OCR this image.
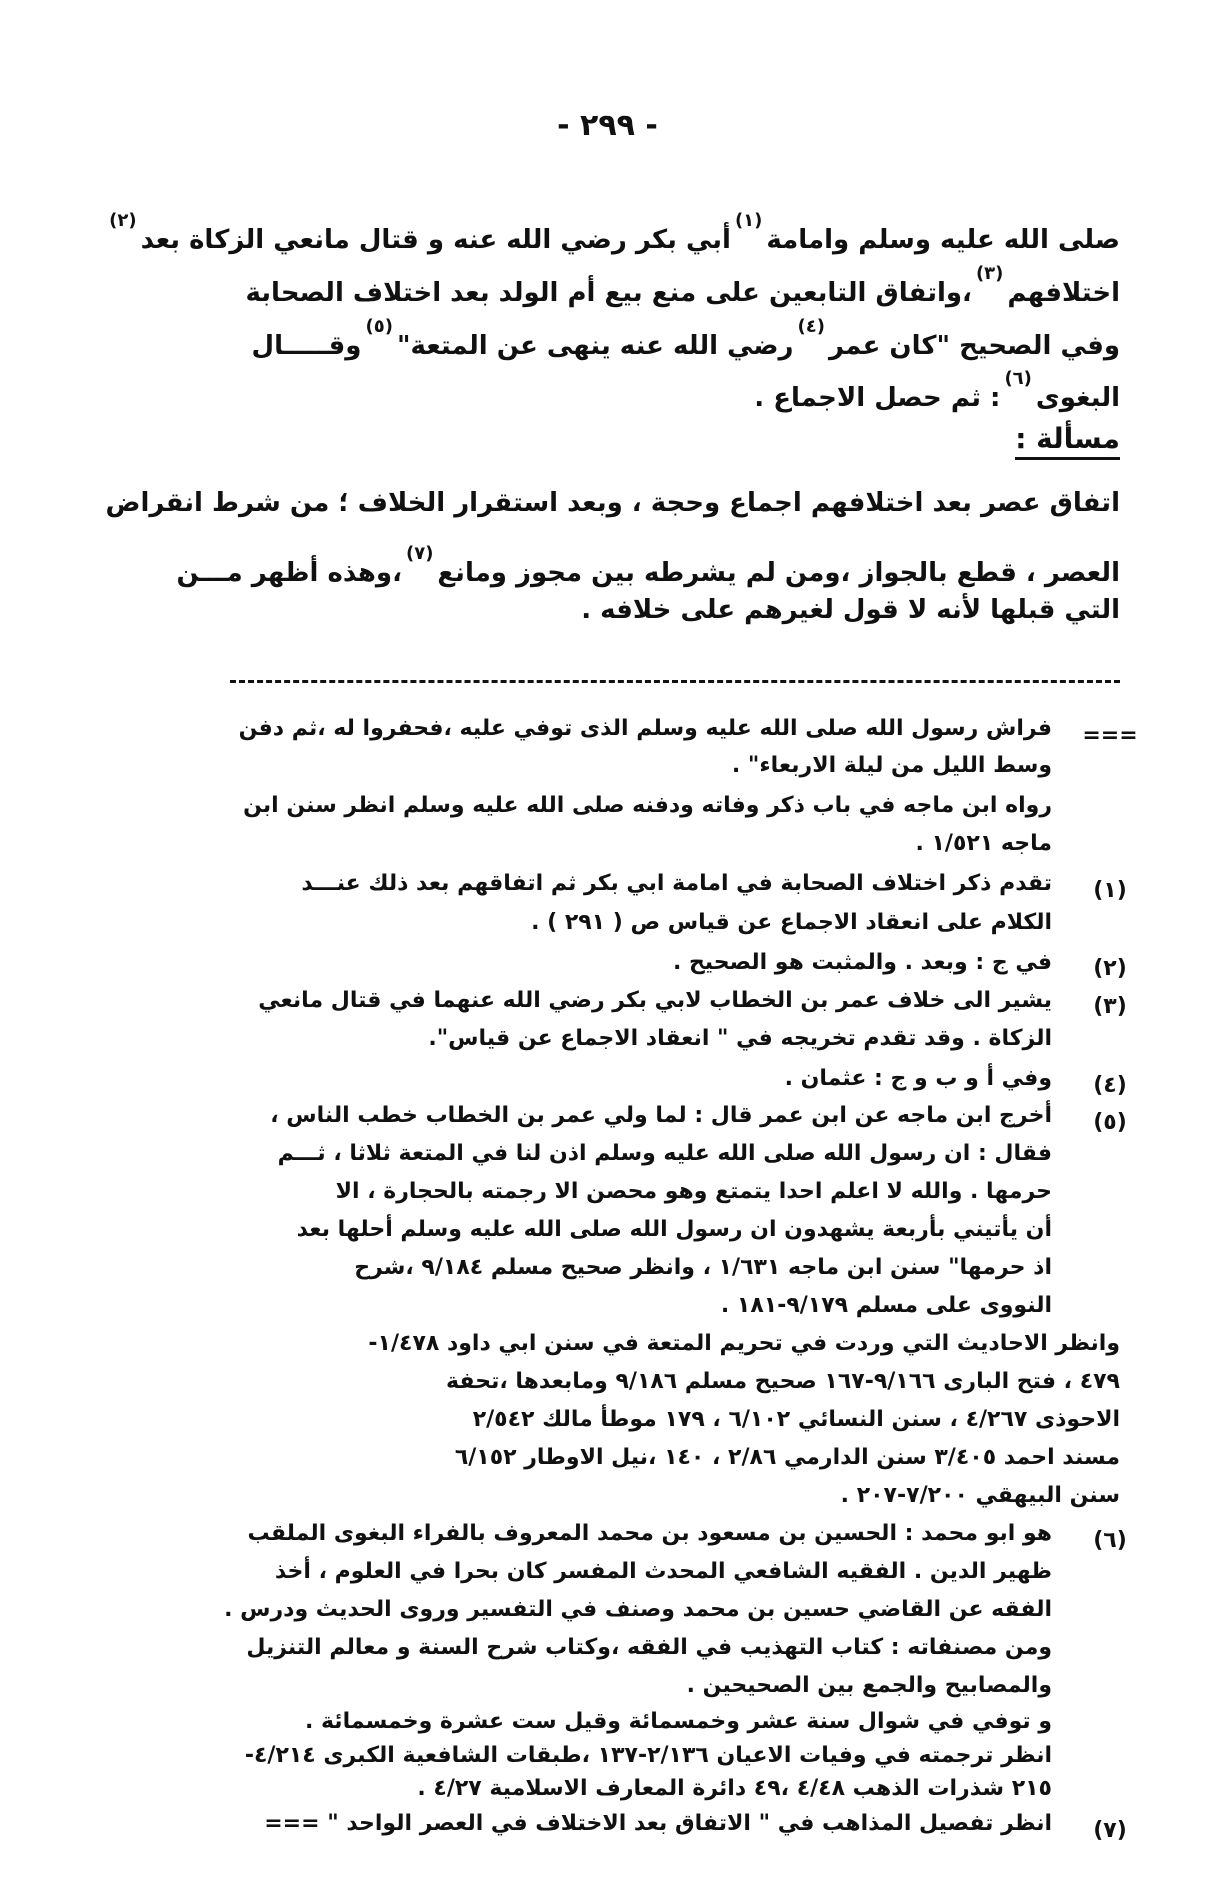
- ٢٩٩ -
صلى الله عليه وسلم وامامة$^{(١)}$أبي بكر رضي الله عنه و قتال مانعي الزكاة بعد$^{(٢)}$
اختلافهم$^{(٣)}$،واتفاق التابعين على منع بيع أم الولد بعد اختلاف الصحابة
وفي الصحيح "كان عمر$^{(٤)}$رضي الله عنه ينهى عن المتعة"$^{(٥)}$وقـــــال
البغوى$^{(٦)}$: ثم حصل الاجماع .
مسألة :
اتفاق عصر بعد اختلافهم اجماع وحجة ، وبعد استقرار الخلاف ؛ من شرط انقراض
العصر ، قطع بالجواز ،ومن لم يشرطه بين مجوز ومانع$^{(٧)}$،وهذه أظهر مـــن
التي قبلها لأنه لا قول لغيرهم على خلافه .
===
فراش رسول الله صلى الله عليه وسلم الذى توفي عليه ،فحفروا له ،ثم دفن
وسط الليل من ليلة الاربعاء" .
رواه ابن ماجه في باب ذكر وفاته ودفنه صلى الله عليه وسلم انظر سنن ابن
ماجه ١/٥٢١ .
(١)
تقدم ذكر اختلاف الصحابة في امامة ابي بكر ثم اتفاقهم بعد ذلك عنـــد
الكلام على انعقاد الاجماع عن قياس ص ( ٢٩١ ) .
(٢)
في ج : وبعد . والمثبت هو الصحيح .
(٣)
يشير الى خلاف عمر بن الخطاب لابي بكر رضي الله عنهما في قتال مانعي
الزكاة . وقد تقدم تخريجه في " انعقاد الاجماع عن قياس".
(٤)
وفي أ و ب و ج : عثمان .
(٥)
أخرج ابن ماجه عن ابن عمر قال : لما ولي عمر بن الخطاب خطب الناس ،
فقال : ان رسول الله صلى الله عليه وسلم اذن لنا في المتعة ثلاثا ، ثـــم
حرمها . والله لا اعلم احدا يتمتع وهو محصن الا رجمته بالحجارة ، الا
أن يأتيني بأربعة يشهدون ان رسول الله صلى الله عليه وسلم أحلها بعد
اذ حرمها" سنن ابن ماجه ١/٦٣١ ، وانظر صحيح مسلم ٩/١٨٤ ،شرح
النووى على مسلم ٩/١٧٩-١٨١ .
وانظر الاحاديث التي وردت في تحريم المتعة في سنن ابي داود ١/٤٧٨-
٤٧٩ ، فتح البارى ٩/١٦٦-١٦٧ صحيح مسلم ٩/١٨٦ ومابعدها ،تحفة
الاحوذى ٤/٢٦٧ ، سنن النسائي ٦/١٠٢ ، ١٧٩ موطأ مالك ٢/٥٤٢
مسند احمد ٣/٤٠٥ سنن الدارمي ٢/٨٦ ، ١٤٠ ،نيل الاوطار ٦/١٥٢
سنن البيهقي ٧/٢٠٠-٢٠٧ .
(٦)
هو ابو محمد : الحسين بن مسعود بن محمد المعروف بالفراء البغوى الملقب
ظهير الدين . الفقيه الشافعي المحدث المفسر كان بحرا في العلوم ، أخذ
الفقه عن القاضي حسين بن محمد وصنف في التفسير وروى الحديث ودرس .
ومن مصنفاته : كتاب التهذيب في الفقه ،وكتاب شرح السنة و معالم التنزيل
والمصابيح والجمع بين الصحيحين .
و توفي في شوال سنة عشر وخمسمائة وقيل ست عشرة وخمسمائة .
انظر ترجمته في وفيات الاعيان ٢/١٣٦-١٣٧ ،طبقات الشافعية الكبرى ٤/٢١٤-
٢١٥ شذرات الذهب ٤/٤٨ ،٤٩ دائرة المعارف الاسلامية ٤/٢٧ .
(٧)
انظر تفصيل المذاهب في " الاتفاق بعد الاختلاف في العصر الواحد " ===
